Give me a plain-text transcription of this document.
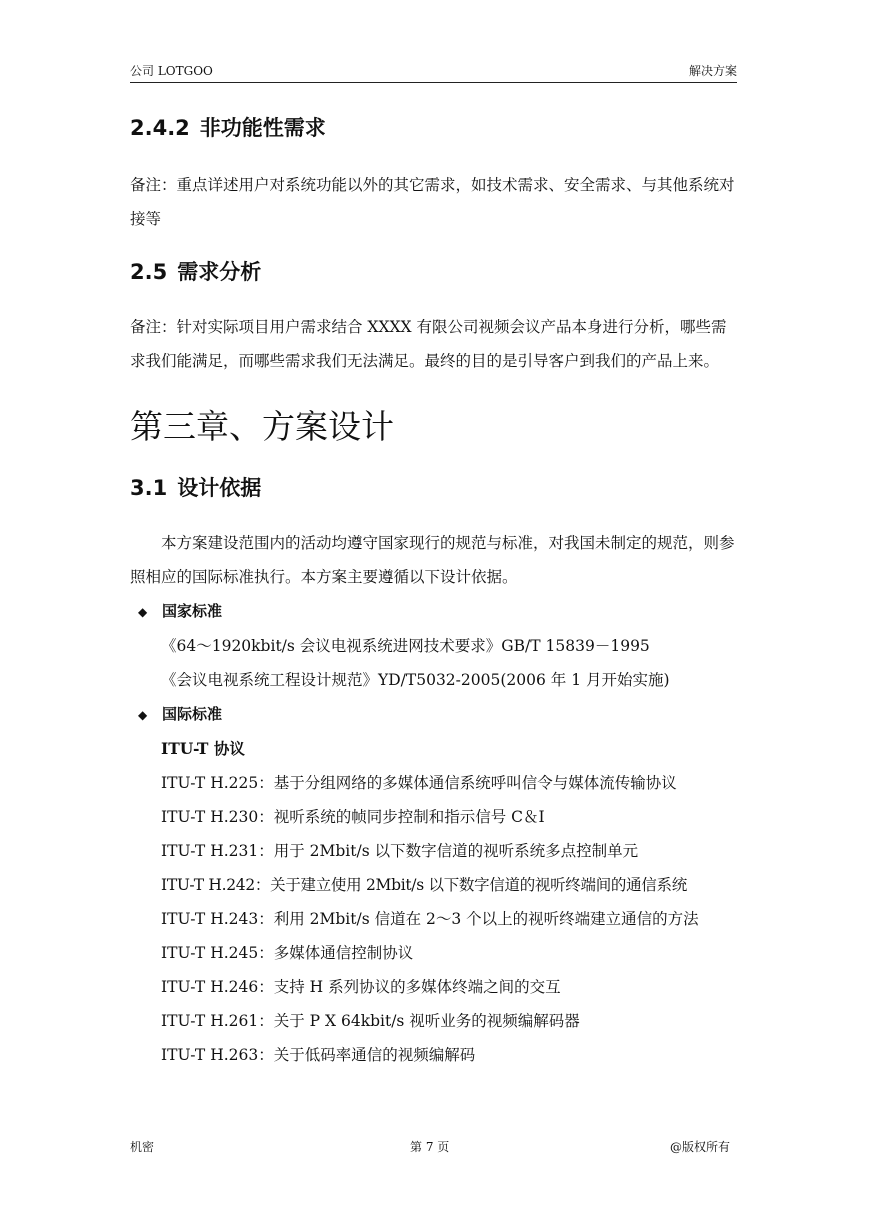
公司 LOTGOO	解决方案
2.4.2 非功能性需求

备注：重点详述用户对系统功能以外的其它需求，如技术需求、安全需求、与其他系统对接等

2.5 需求分析

备注：针对实际项目用户需求结合 XXXX 有限公司视频会议产品本身进行分析，哪些需求我们能满足，而哪些需求我们无法满足。最终的目的是引导客户到我们的产品上来。

第三章、方案设计
3.1 设计依据

本方案建设范围内的活动均遵守国家现行的规范与标准，对我国未制定的规范，则参照相应的国际标准执行。本方案主要遵循以下设计依据。

◆ 国家标准
《64～1920kbit/s 会议电视系统进网技术要求》GB/T 15839－1995
《会议电视系统工程设计规范》YD/T5032-2005(2006 年 1 月开始实施)
◆ 国际标准
ITU-T 协议
ITU-T H.225：基于分组网络的多媒体通信系统呼叫信令与媒体流传输协议
ITU-T H.230：视听系统的帧同步控制和指示信号 C＆I
ITU-T H.231：用于 2Mbit/s 以下数字信道的视听系统多点控制单元
ITU-T H.242：关于建立使用 2Mbit/s 以下数字信道的视听终端间的通信系统
ITU-T H.243：利用 2Mbit/s 信道在 2～3 个以上的视听终端建立通信的方法
ITU-T H.245：多媒体通信控制协议
ITU-T H.246：支持 H 系列协议的多媒体终端之间的交互
ITU-T H.261：关于 P X 64kbit/s 视听业务的视频编解码器
ITU-T H.263：关于低码率通信的视频编解码
机密	第 7 页	@版权所有
